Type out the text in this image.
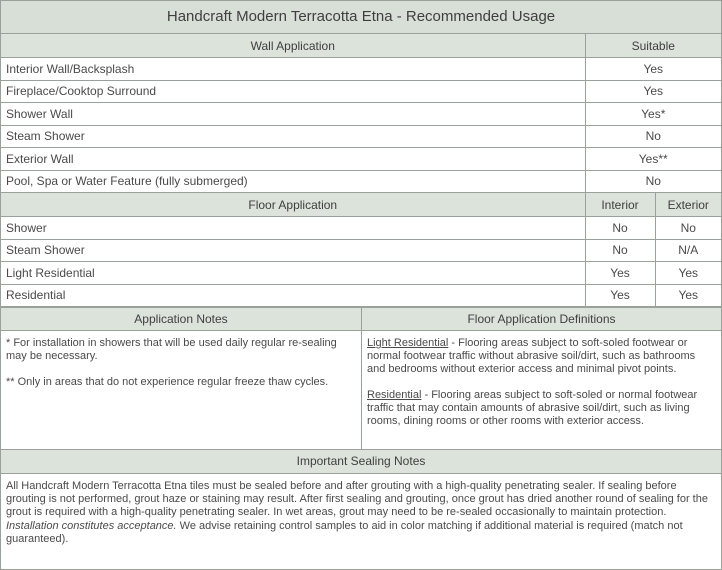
Handcraft Modern Terracotta Etna - Recommended Usage
Wall Application	Suitable	
Interior Wall/Backsplash	Yes	
Fireplace/Cooktop Surround	Yes	
Shower Wall	Yes*	
Steam Shower	No	
Exterior Wall	Yes**	
Pool, Spa or Water Feature (fully submerged)	No	
Floor Application	Interior	Exterior
Shower	No	No
Steam Shower	No	N/A
Light Residential	Yes	Yes
Residential	Yes	Yes
Application Notes

* For installation in showers that will be used daily regular re-sealing may be necessary.

** Only in areas that do not experience regular freeze thaw cycles.

Floor Application Definitions

Light Residential - Flooring areas subject to soft-soled footwear or normal footwear traffic without abrasive soil/dirt, such as bathrooms and bedrooms without exterior access and minimal pivot points.

Residential - Flooring areas subject to soft-soled or normal footwear traffic that may contain amounts of abrasive soil/dirt, such as living rooms, dining rooms or other rooms with exterior access.

Important Sealing Notes
All Handcraft Modern Terracotta Etna tiles must be sealed before and after grouting with a high-quality penetrating sealer. If sealing before grouting is not performed, grout haze or staining may result. After first sealing and grouting, once grout has dried another round of sealing for the grout is required with a high-quality penetrating sealer. In wet areas, grout may need to be re-sealed occasionally to maintain protection. Installation constitutes acceptance. We advise retaining control samples to aid in color matching if additional material is required (match not guaranteed).
